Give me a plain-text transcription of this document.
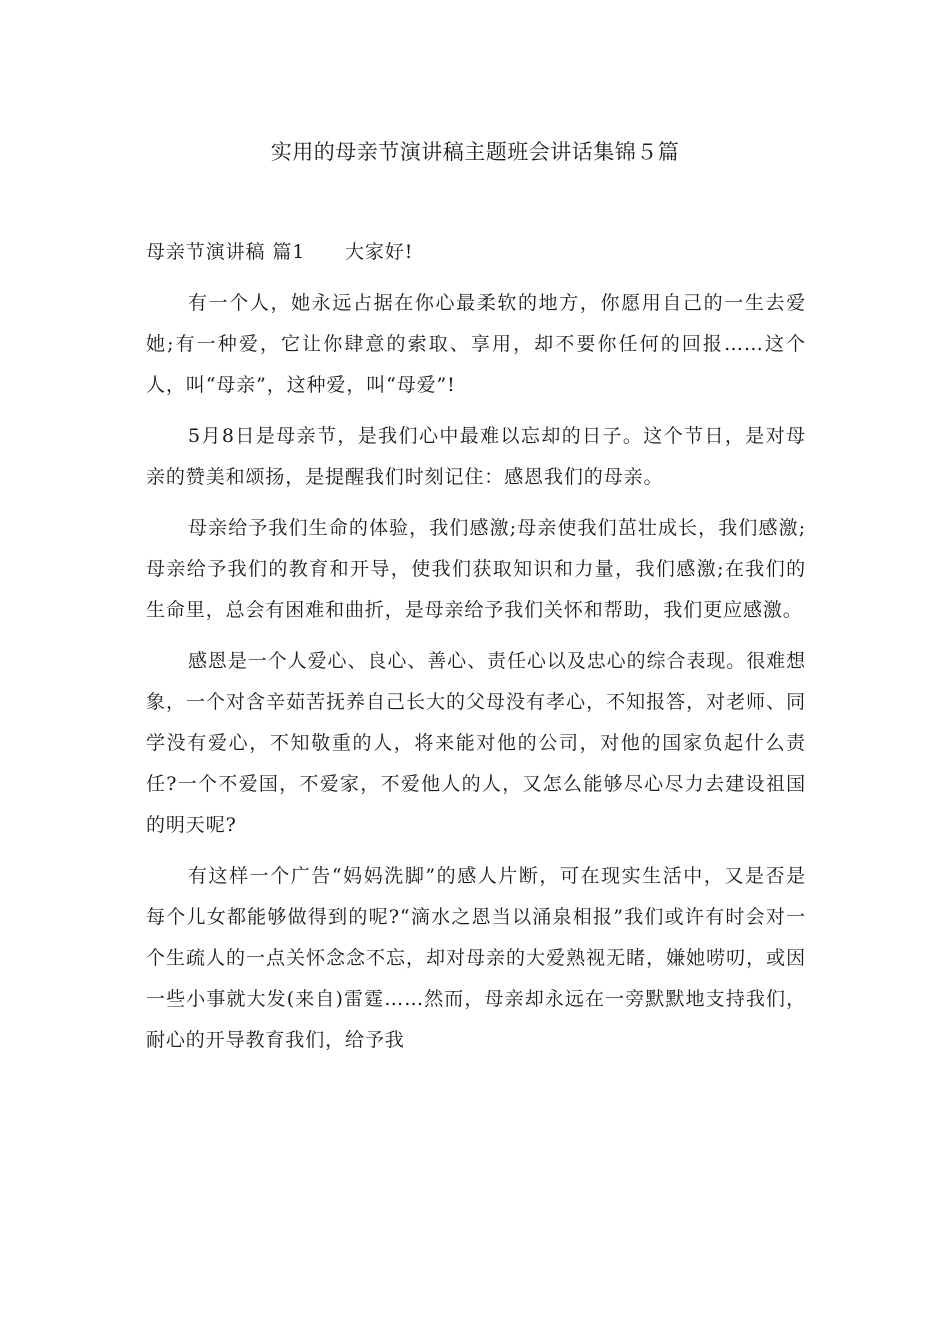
实用的母亲节演讲稿主题班会讲话集锦５篇

母亲节演讲稿 篇1　　大家好!

有一个人，她永远占据在你心最柔软的地方，你愿用自己的一生去爱她;有一种爱，它让你肆意的索取、享用，却不要你任何的回报……这个人，叫“母亲”，这种爱，叫“母爱”!

5月8日是母亲节，是我们心中最难以忘却的日子。这个节日，是对母亲的赞美和颂扬，是提醒我们时刻记住：感恩我们的母亲。

母亲给予我们生命的体验，我们感激;母亲使我们茁壮成长，我们感激;母亲给予我们的教育和开导，使我们获取知识和力量，我们感激;在我们的生命里，总会有困难和曲折，是母亲给予我们关怀和帮助，我们更应感激。

感恩是一个人爱心、良心、善心、责任心以及忠心的综合表现。很难想象，一个对含辛茹苦抚养自己长大的父母没有孝心，不知报答，对老师、同学没有爱心，不知敬重的人，将来能对他的公司，对他的国家负起什么责任?一个不爱国，不爱家，不爱他人的人，又怎么能够尽心尽力去建设祖国的明天呢?

有这样一个广告“妈妈洗脚”的感人片断，可在现实生活中，又是否是每个儿女都能够做得到的呢?“滴水之恩当以涌泉相报”我们或许有时会对一个生疏人的一点关怀念念不忘，却对母亲的大爱熟视无睹，嫌她唠叨，或因一些小事就大发(来自)雷霆……然而，母亲却永远在一旁默默地支持我们，耐心的开导教育我们，给予我
